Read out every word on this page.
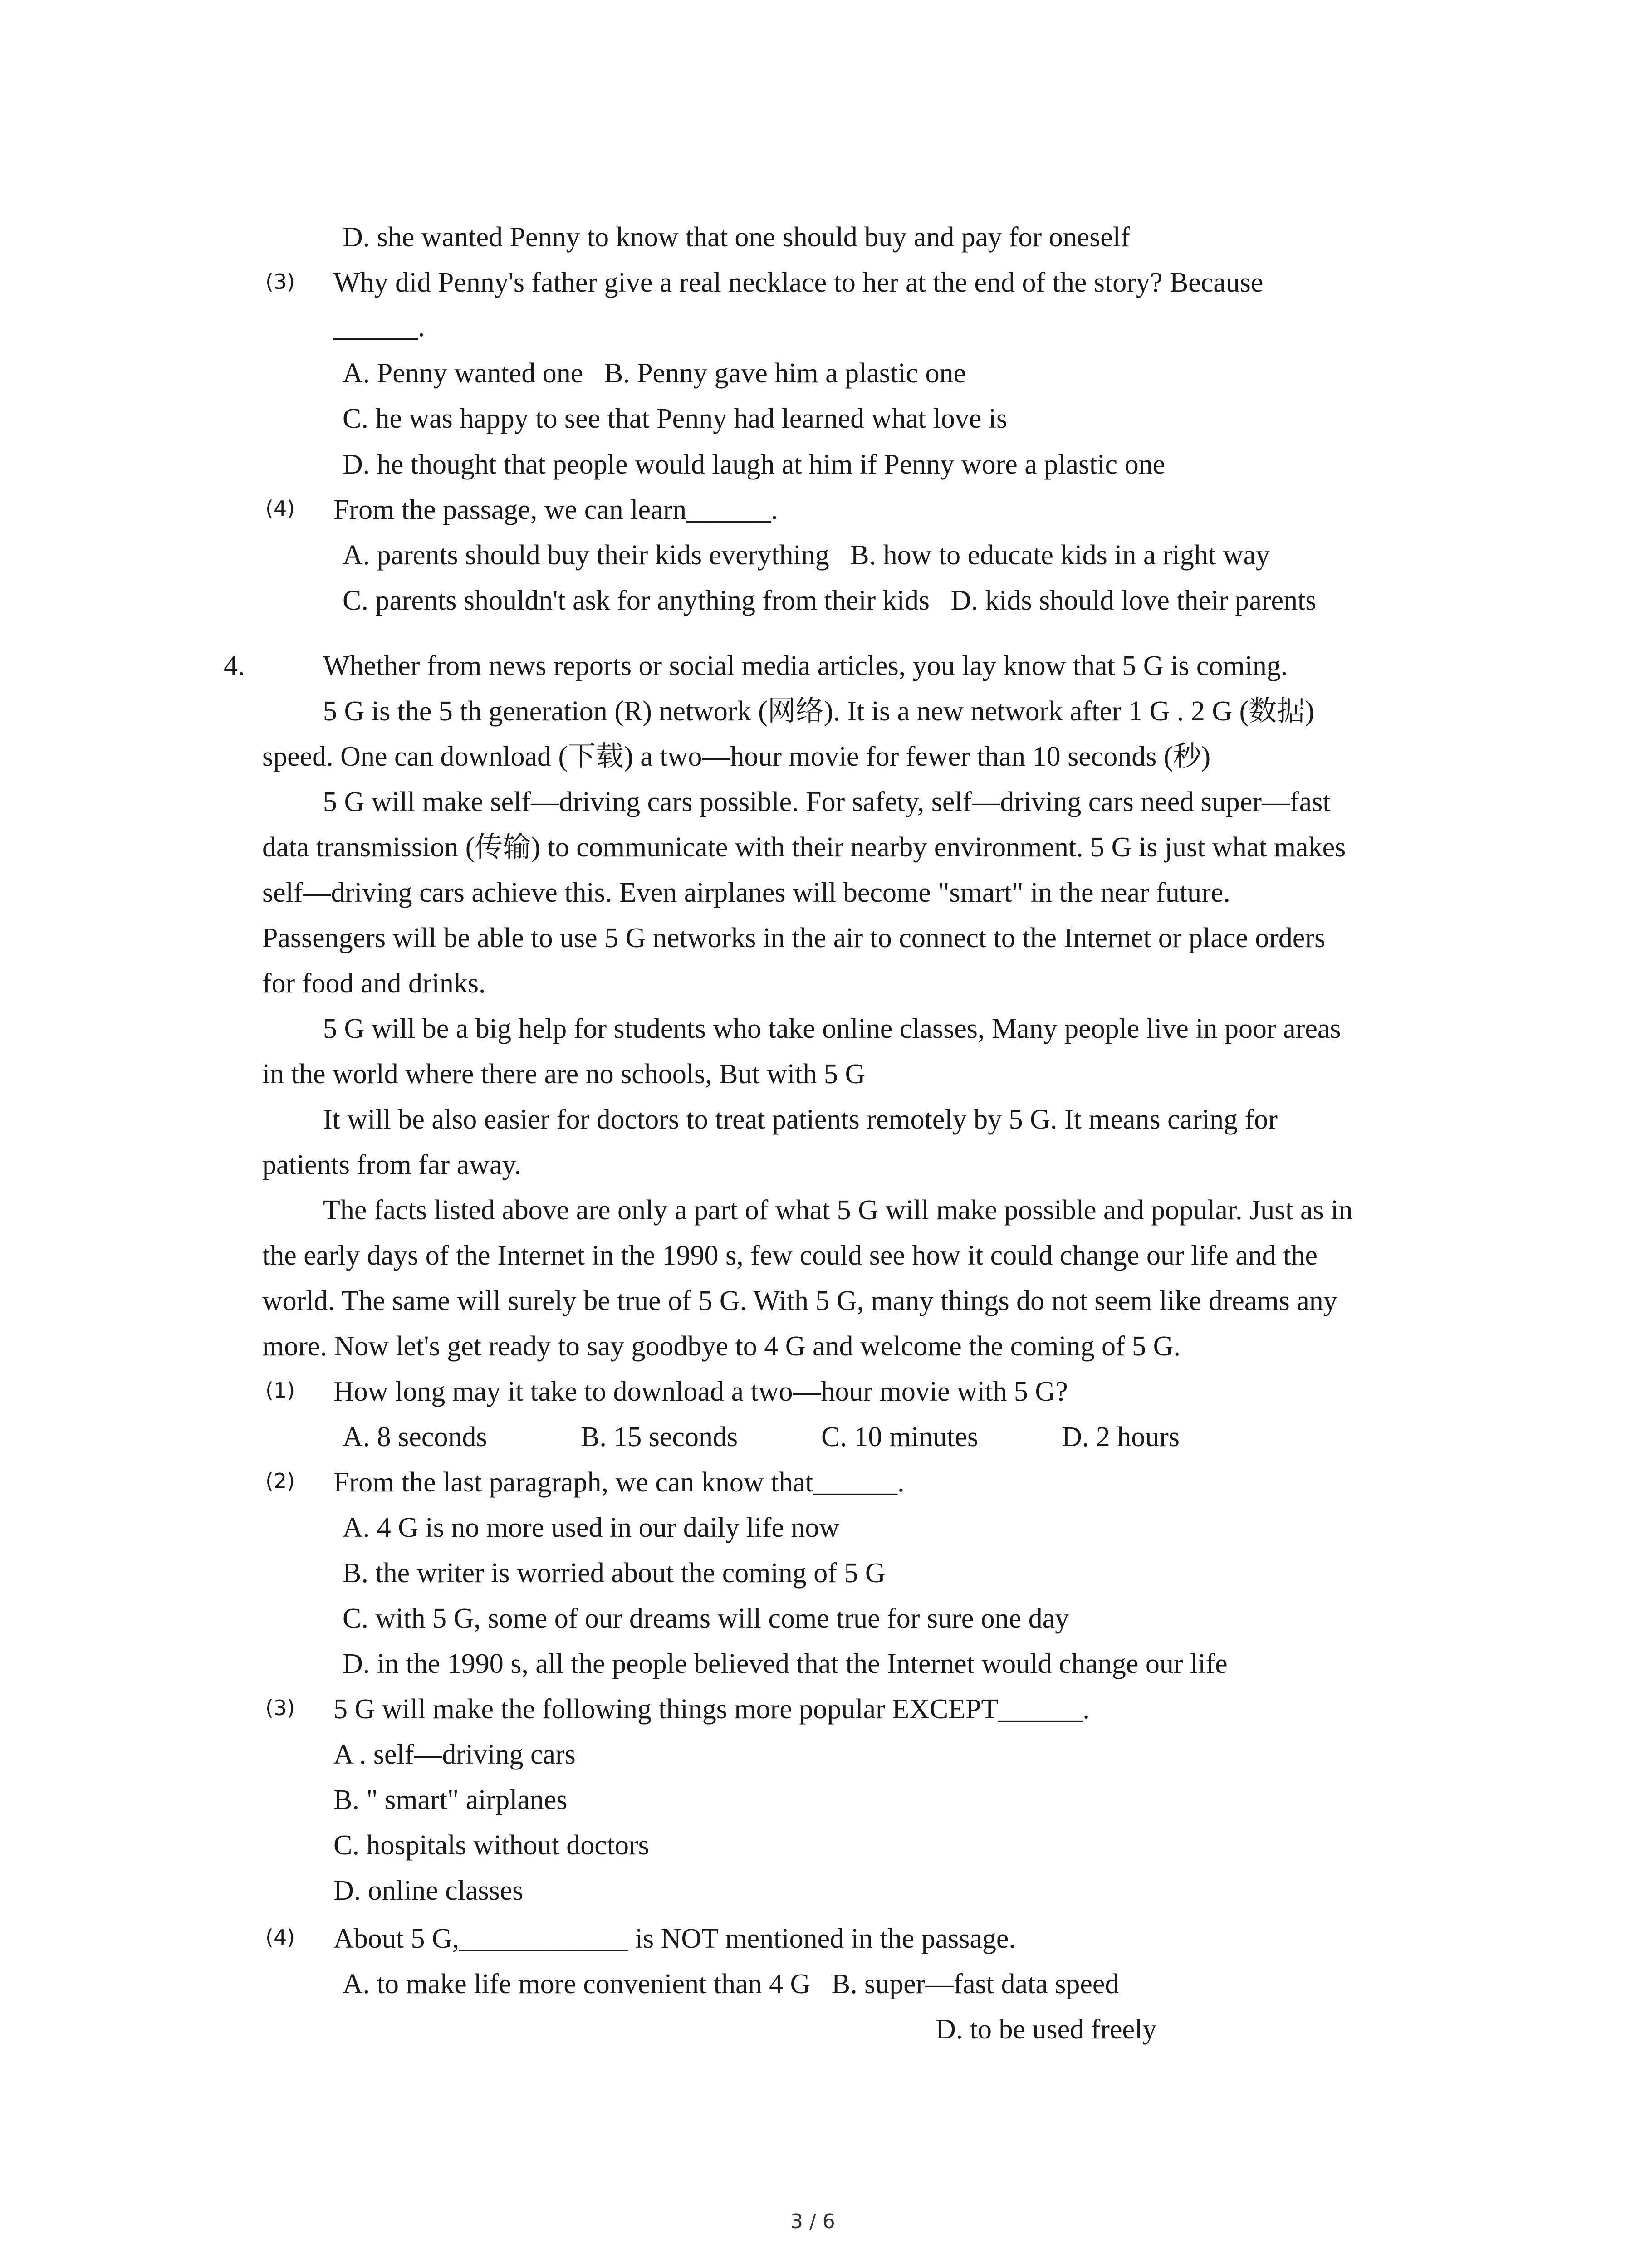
D. she wanted Penny to know that one should buy and pay for oneself
(3) Why did Penny's father give a real necklace to her at the end of the story? Because
______.
A. Penny wanted one   B. Penny gave him a plastic one
C. he was happy to see that Penny had learned what love is
D. he thought that people would laugh at him if Penny wore a plastic one
(4) From the passage, we can learn______.
A. parents should buy their kids everything   B. how to educate kids in a right way
C. parents shouldn't ask for anything from their kids   D. kids should love their parents
4.	Whether from news reports or social media articles, you lay know that 5 G is coming.
5 G is the 5 th generation (R) network (网络). It is a new network after 1 G . 2 G (数据)
speed. One can download (下载) a two—hour movie for fewer than 10 seconds (秒)
5 G will make self—driving cars possible. For safety, self—driving cars need super—fast
data transmission (传输) to communicate with their nearby environment. 5 G is just what makes
self—driving cars achieve this. Even airplanes will become "smart" in the near future.
Passengers will be able to use 5 G networks in the air to connect to the Internet or place orders
for food and drinks.
5 G will be a big help for students who take online classes, Many people live in poor areas
in the world where there are no schools, But with 5 G
It will be also easier for doctors to treat patients remotely by 5 G. It means caring for
patients from far away.
The facts listed above are only a part of what 5 G will make possible and popular. Just as in
the early days of the Internet in the 1990 s, few could see how it could change our life and the
world. The same will surely be true of 5 G. With 5 G, many things do not seem like dreams any
more. Now let's get ready to say goodbye to 4 G and welcome the coming of 5 G.
(1) How long may it take to download a two—hour movie with 5 G?
A. 8 seconds	B. 15 seconds	C. 10 minutes	D. 2 hours
(2) From the last paragraph, we can know that______.
A. 4 G is no more used in our daily life now
B. the writer is worried about the coming of 5 G
C. with 5 G, some of our dreams will come true for sure one day
D. in the 1990 s, all the people believed that the Internet would change our life
(3) 5 G will make the following things more popular EXCEPT______.
A . self—driving cars
B. " smart" airplanes
C. hospitals without doctors
D. online classes
(4) About 5 G,____________ is NOT mentioned in the passage.
A. to make life more convenient than 4 G   B. super—fast data speed
D. to be used freely
3 / 6
